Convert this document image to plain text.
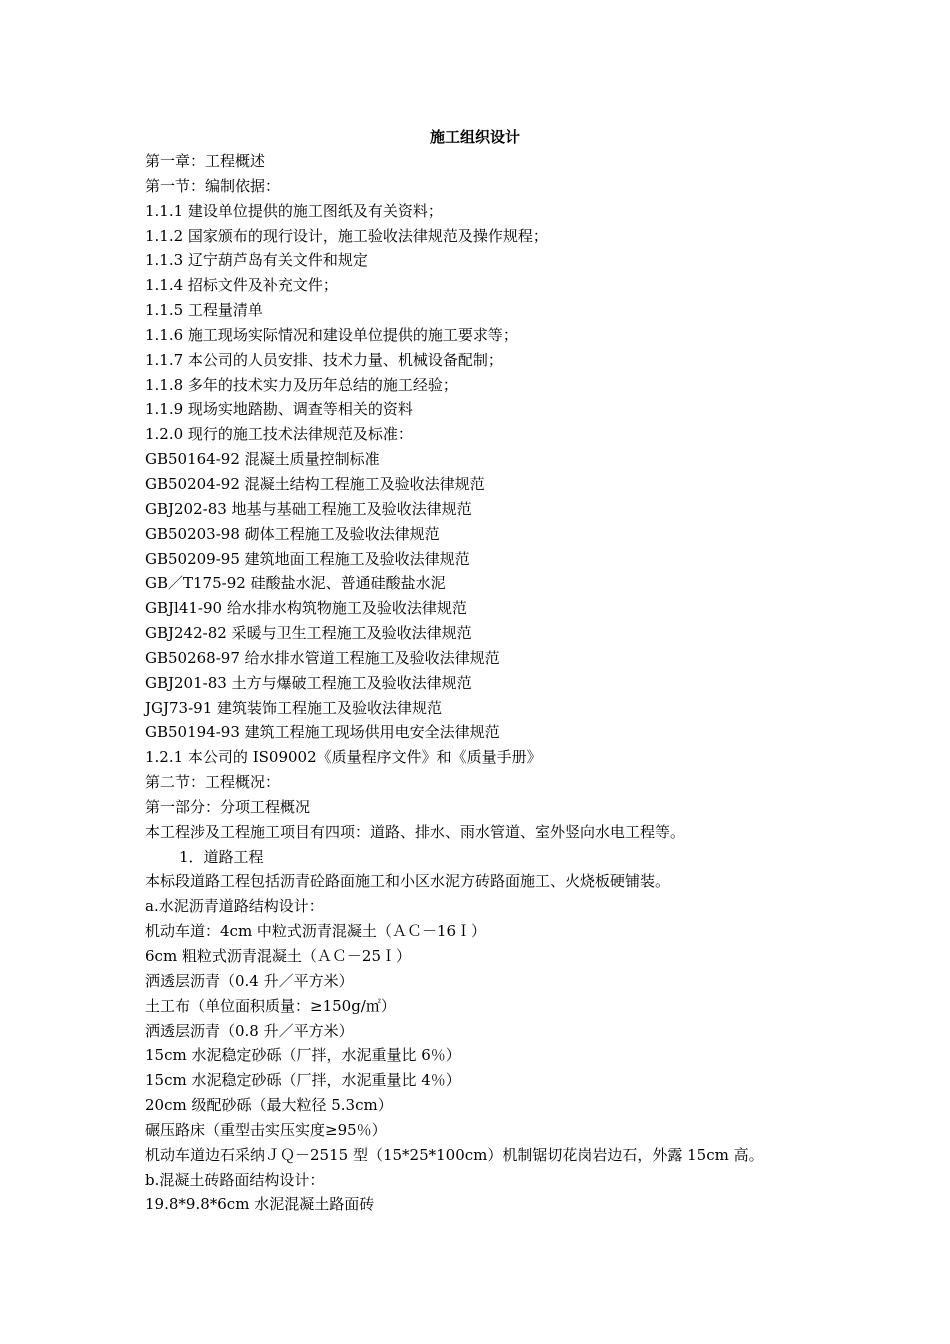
施工组织设计

第一章：工程概述

第一节：编制依据：

1.1.1 建设单位提供的施工图纸及有关资料；

1.1.2 国家颁布的现行设计，施工验收法律规范及操作规程；

1.1.3 辽宁葫芦岛有关文件和规定

1.1.4 招标文件及补充文件；

1.1.5 工程量清单

1.1.6 施工现场实际情况和建设单位提供的施工要求等；

1.1.7 本公司的人员安排、技术力量、机械设备配制；

1.1.8 多年的技术实力及历年总结的施工经验；

1.1.9 现场实地踏勘、调查等相关的资料

1.2.0 现行的施工技术法律规范及标准：

GB50164-92 混凝土质量控制标准

GB50204-92 混凝土结构工程施工及验收法律规范

GBJ202-83 地基与基础工程施工及验收法律规范

GB50203-98 砌体工程施工及验收法律规范

GB50209-95 建筑地面工程施工及验收法律规范

GB／T175-92 硅酸盐水泥、普通硅酸盐水泥

GBJl41-90 给水排水构筑物施工及验收法律规范

GBJ242-82 采暖与卫生工程施工及验收法律规范

GB50268-97 给水排水管道工程施工及验收法律规范

GBJ201-83 土方与爆破工程施工及验收法律规范

JGJ73-91 建筑装饰工程施工及验收法律规范

GB50194-93 建筑工程施工现场供用电安全法律规范

1.2.1 本公司的 IS09002《质量程序文件》和《质量手册》

第二节：工程概况：

第一部分：分项工程概况

本工程涉及工程施工项目有四项：道路、排水、雨水管道、室外竖向水电工程等。

1．道路工程

本标段道路工程包括沥青砼路面施工和小区水泥方砖路面施工、火烧板硬铺装。

a.水泥沥青道路结构设计：

机动车道：4cm 中粒式沥青混凝土（ＡＣ－16Ｉ）

6cm 粗粒式沥青混凝土（ＡＣ－25Ｉ）

洒透层沥青（0.4 升／平方米）

土工布（单位面积质量：≥150g/㎡）

洒透层沥青（0.8 升／平方米）

15cm 水泥稳定砂砾（厂拌，水泥重量比 6％）

15cm 水泥稳定砂砾（厂拌，水泥重量比 4％）

20cm 级配砂砾（最大粒径 5.3cm）

碾压路床（重型击实压实度≥95％）

机动车道边石采纳ＪＱ－2515 型（15*25*100cm）机制锯切花岗岩边石，外露 15cm 高。

b.混凝土砖路面结构设计：

19.8*9.8*6cm 水泥混凝土路面砖
